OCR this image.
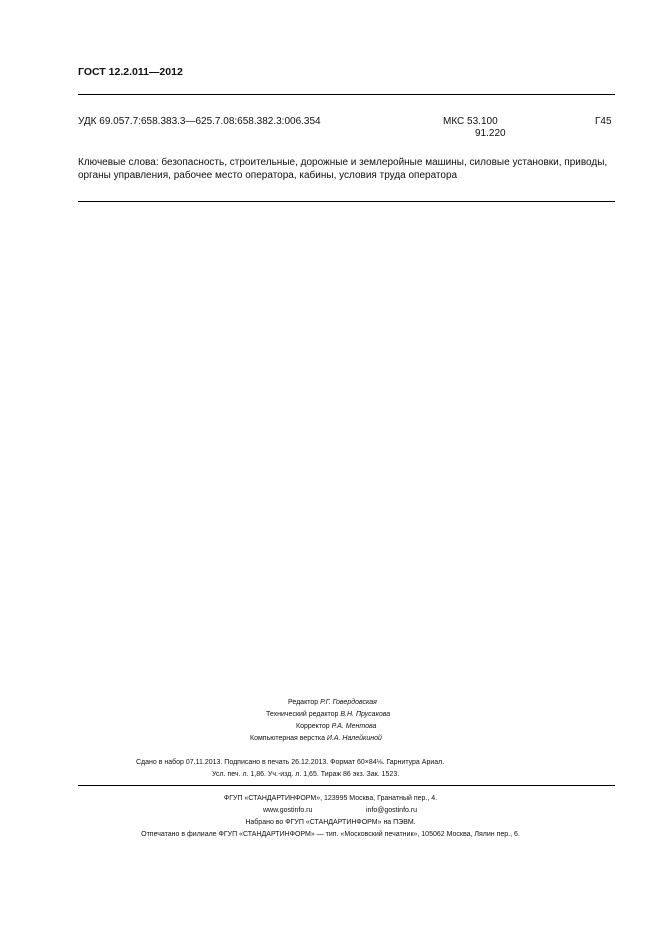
ГОСТ 12.2.011—2012
УДК 69.057.7:658.383.3—625.7.08:658.382.3:006.354	МКС 53.100
91.220
Г45
Ключевые слова: безопасность, строительные, дорожные и землеройные машины, силовые установки, приводы, органы управления, рабочее место оператора, кабины, условия труда оператора
Редактор Р.Г. Говердовская
Технический редактор В.Н. Прусакова
Корректор Р.А. Ментова
Компьютерная верстка И.А. Налейкиной
Сдано в набор 07.11.2013. Подписано в печать 26.12.2013. Формат 60×84⅛. Гарнитура Ариал.
Усл. печ. л. 1,86. Уч.-изд. л. 1,65. Тираж 86 экз. Зак. 1523.
ФГУП «СТАНДАРТИНФОРМ», 123995 Москва, Гранатный пер., 4.
www.gostinfo.ru	info@gostinfo.ru
Набрано во ФГУП «СТАНДАРТИНФОРМ» на ПЭВМ.
Отпечатано в филиале ФГУП «СТАНДАРТИНФОРМ» — тип. «Московский печатник», 105062 Москва, Лялин пер., 6.
